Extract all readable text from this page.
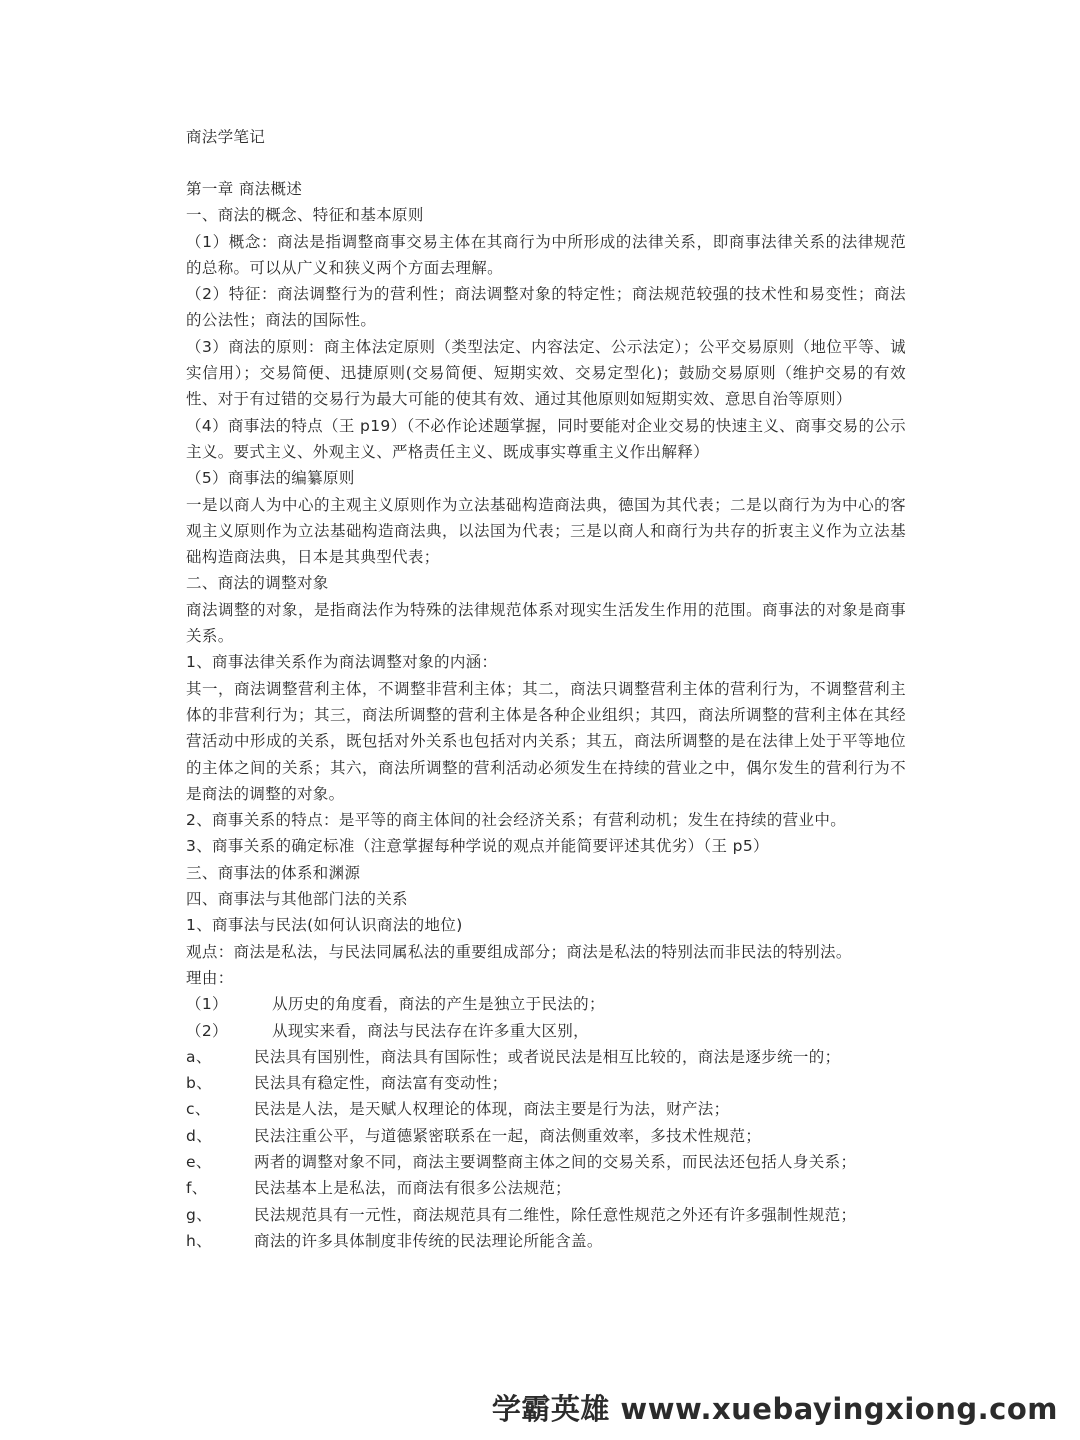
商法学笔记
第一章 商法概述
一、商法的概念、特征和基本原则
（1）概念：商法是指调整商事交易主体在其商行为中所形成的法律关系，即商事法律关系的法律规范的总称。可以从广义和狭义两个方面去理解。
（2）特征：商法调整行为的营利性；商法调整对象的特定性；商法规范较强的技术性和易变性；商法的公法性；商法的国际性。
（3）商法的原则：商主体法定原则（类型法定、内容法定、公示法定）；公平交易原则（地位平等、诚实信用）；交易简便、迅捷原则(交易简便、短期实效、交易定型化)；鼓励交易原则（维护交易的有效性、对于有过错的交易行为最大可能的使其有效、通过其他原则如短期实效、意思自治等原则）
（4）商事法的特点（王 p19）（不必作论述题掌握，同时要能对企业交易的快速主义、商事交易的公示主义。要式主义、外观主义、严格责任主义、既成事实尊重主义作出解释）
（5）商事法的编纂原则
一是以商人为中心的主观主义原则作为立法基础构造商法典，德国为其代表；二是以商行为为中心的客观主义原则作为立法基础构造商法典，以法国为代表；三是以商人和商行为共存的折衷主义作为立法基础构造商法典，日本是其典型代表；
二、商法的调整对象
商法调整的对象，是指商法作为特殊的法律规范体系对现实生活发生作用的范围。商事法的对象是商事关系。
1、商事法律关系作为商法调整对象的内涵：
其一，商法调整营利主体，不调整非营利主体；其二，商法只调整营利主体的营利行为，不调整营利主体的非营利行为；其三，商法所调整的营利主体是各种企业组织；其四，商法所调整的营利主体在其经营活动中形成的关系，既包括对外关系也包括对内关系；其五，商法所调整的是在法律上处于平等地位的主体之间的关系；其六，商法所调整的营利活动必须发生在持续的营业之中，偶尔发生的营利行为不是商法的调整的对象。
2、商事关系的特点：是平等的商主体间的社会经济关系；有营利动机；发生在持续的营业中。
3、商事关系的确定标准（注意掌握每种学说的观点并能简要评述其优劣）（王 p5）
三、商事法的体系和渊源
四、商事法与其他部门法的关系
1、商事法与民法(如何认识商法的地位)
观点：商法是私法，与民法同属私法的重要组成部分；商法是私法的特别法而非民法的特别法。
理由：
（1）	从历史的角度看，商法的产生是独立于民法的；
（2）	从现实来看，商法与民法存在许多重大区别，
a、	民法具有国别性，商法具有国际性；或者说民法是相互比较的，商法是逐步统一的；
b、	民法具有稳定性，商法富有变动性；
c、	民法是人法，是天赋人权理论的体现，商法主要是行为法，财产法；
d、	民法注重公平，与道德紧密联系在一起，商法侧重效率，多技术性规范；
e、	两者的调整对象不同，商法主要调整商主体之间的交易关系，而民法还包括人身关系；
f、	民法基本上是私法，而商法有很多公法规范；
g、	民法规范具有一元性，商法规范具有二维性，除任意性规范之外还有许多强制性规范；
h、	商法的许多具体制度非传统的民法理论所能含盖。
学霸英雄 www.xuebayingxiong.com
